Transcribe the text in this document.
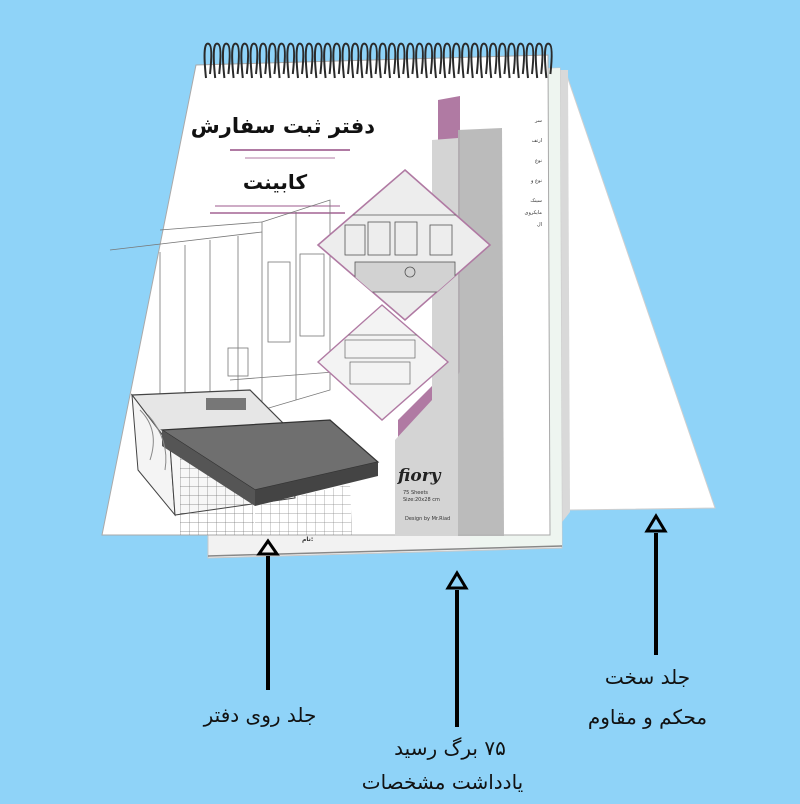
دفتر ثبت سفارش
کابینت
fiory
75 Sheets
Size:20x28 cm
Design by Mr.Riad
نام:
سر
ارتف
نوع
نوع و
سینک
مایکروی
ال
جلد روی دفتر
۷۵ برگ رسید
یادداشت مشخصات
جلد سخت
محکم و مقاوم
